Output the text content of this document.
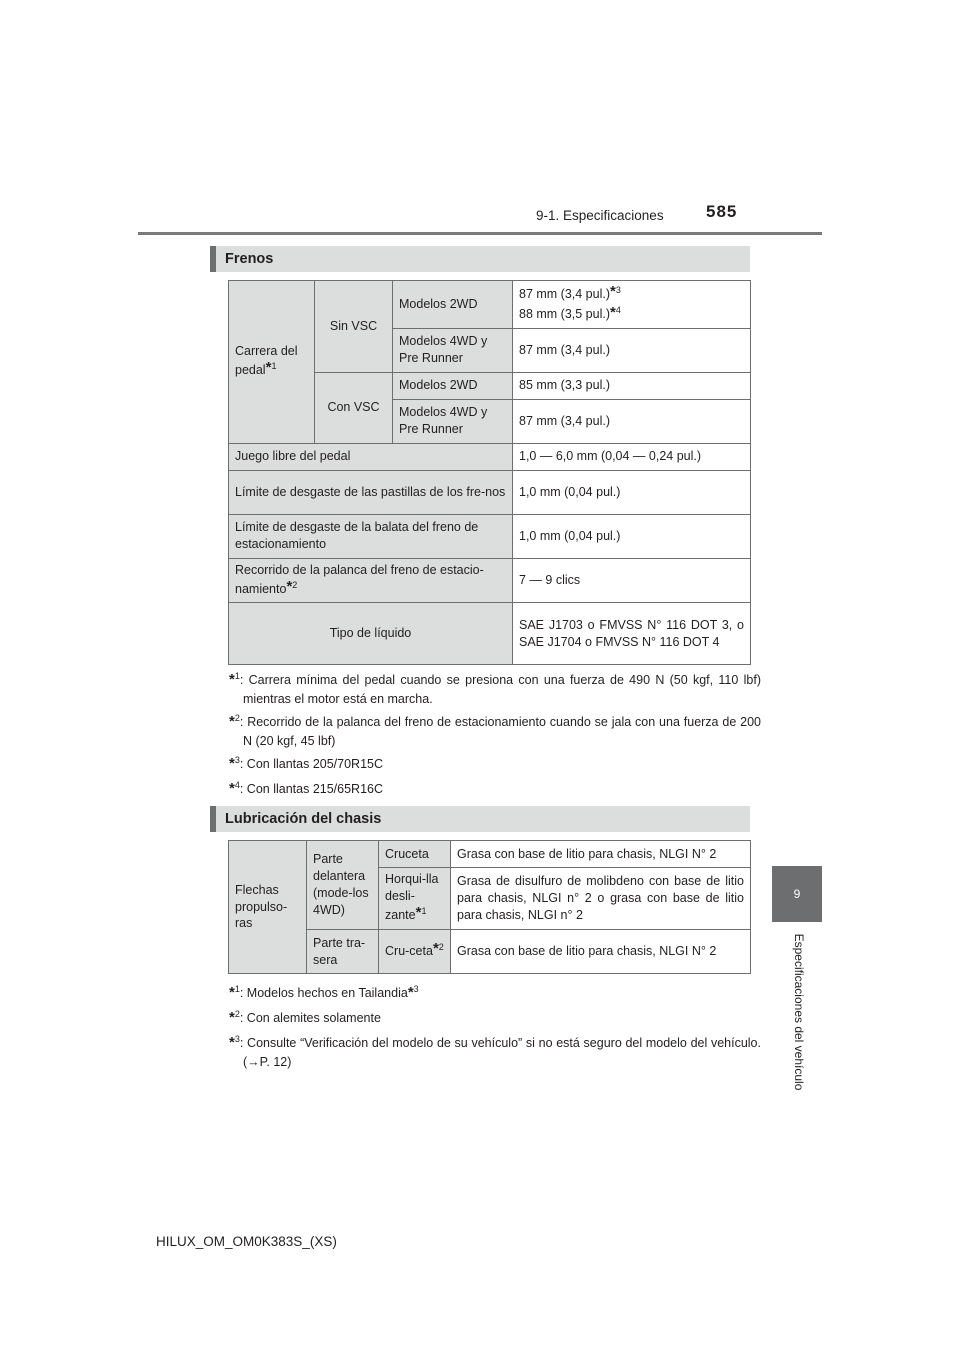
9-1. Especificaciones 585
9
Especificaciones del vehículo
Frenos
Carrera del pedal*$^1$	Sin VSC	Modelos 2WD	87 mm (3,4 pul.)*$^3$
88 mm (3,5 pul.)*$^4$
		Modelos 4WD y Pre Runner	87 mm (3,4 pul.)
	Con VSC	Modelos 2WD	85 mm (3,3 pul.)
		Modelos 4WD y Pre Runner	87 mm (3,4 pul.)
Juego libre del pedal			1,0 — 6,0 mm (0,04 — 0,24 pul.)
Límite de desgaste de las pastillas de los fre-nos			1,0 mm (0,04 pul.)
Límite de desgaste de la balata del freno de estacionamiento			1,0 mm (0,04 pul.)
Recorrido de la palanca del freno de estacio-namiento*$^2$			7 — 9 clics
Tipo de líquido			SAE J1703 o FMVSS N° 116 DOT 3, o SAE J1704 o FMVSS N° 116 DOT 4
*$^1$: Carrera mínima del pedal cuando se presiona con una fuerza de 490 N (50 kgf, 110 lbf) mientras el motor está en marcha.
*$^2$: Recorrido de la palanca del freno de estacionamiento cuando se jala con una fuerza de 200 N (20 kgf, 45 lbf)
*$^3$: Con llantas 205/70R15C
*$^4$: Con llantas 215/65R16C
Lubricación del chasis
Flechas propulso-ras	Parte delantera (mode-los 4WD)	Cruceta	Grasa con base de litio para chasis, NLGI N° 2
		Horqui-lla desli-zante*$^1$	Grasa de disulfuro de molibdeno con base de litio para chasis, NLGI n° 2 o grasa con base de litio para chasis, NLGI n° 2
	Parte tra-sera	Cru-ceta*$^2$	Grasa con base de litio para chasis, NLGI N° 2
*$^1$: Modelos hechos en Tailandia*$^3$
*$^2$: Con alemites solamente
*$^3$: Consulte “Verificación del modelo de su vehículo” si no está seguro del modelo del vehículo. (→P. 12)
HILUX_OM_OM0K383S_(XS)
